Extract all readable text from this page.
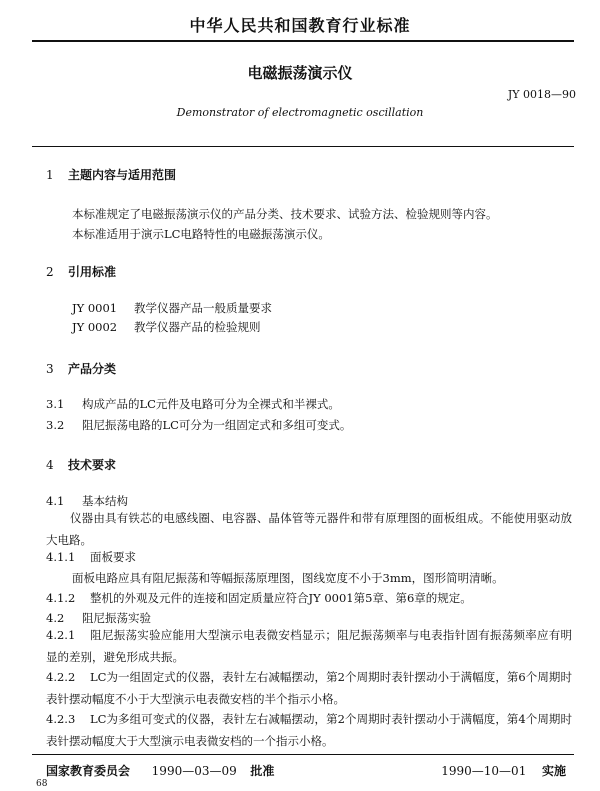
中华人民共和国教育行业标准
电磁振荡演示仪
JY 0018—90
Demonstrator of electromagnetic oscillation
1 主题内容与适用范围
本标准规定了电磁振荡演示仪的产品分类、技术要求、试验方法、检验规则等内容。
本标准适用于演示LC电路特性的电磁振荡演示仪。
2 引用标准
JY 0001 教学仪器产品一般质量要求
JY 0002 教学仪器产品的检验规则
3 产品分类
3.1 构成产品的LC元件及电路可分为全裸式和半裸式。
3.2 阻尼振荡电路的LC可分为一组固定式和多组可变式。
4 技术要求
4.1 基本结构
仪器由具有铁芯的电感线圈、电容器、晶体管等元器件和带有原理图的面板组成。不能使用驱动放大电路。
4.1.1 面板要求
面板电路应具有阻尼振荡和等幅振荡原理图，图线宽度不小于3mm，图形简明清晰。
4.1.2 整机的外观及元件的连接和固定质量应符合JY 0001第5章、第6章的规定。
4.2 阻尼振荡实验
4.2.1 阻尼振荡实验应能用大型演示电表微安档显示；阻尼振荡频率与电表指针固有振荡频率应有明显的差别，避免形成共振。
4.2.2 LC为一组固定式的仪器，表针左右减幅摆动，第2个周期时表针摆动小于满幅度，第6个周期时表针摆动幅度不小于大型演示电表微安档的半个指示小格。
4.2.3 LC为多组可变式的仪器，表针左右减幅摆动，第2个周期时表针摆动小于满幅度，第4个周期时表针摆动幅度大于大型演示电表微安档的一个指示小格。
国家教育委员会 1990—03—09 批准	1990—10—01 实施
68
